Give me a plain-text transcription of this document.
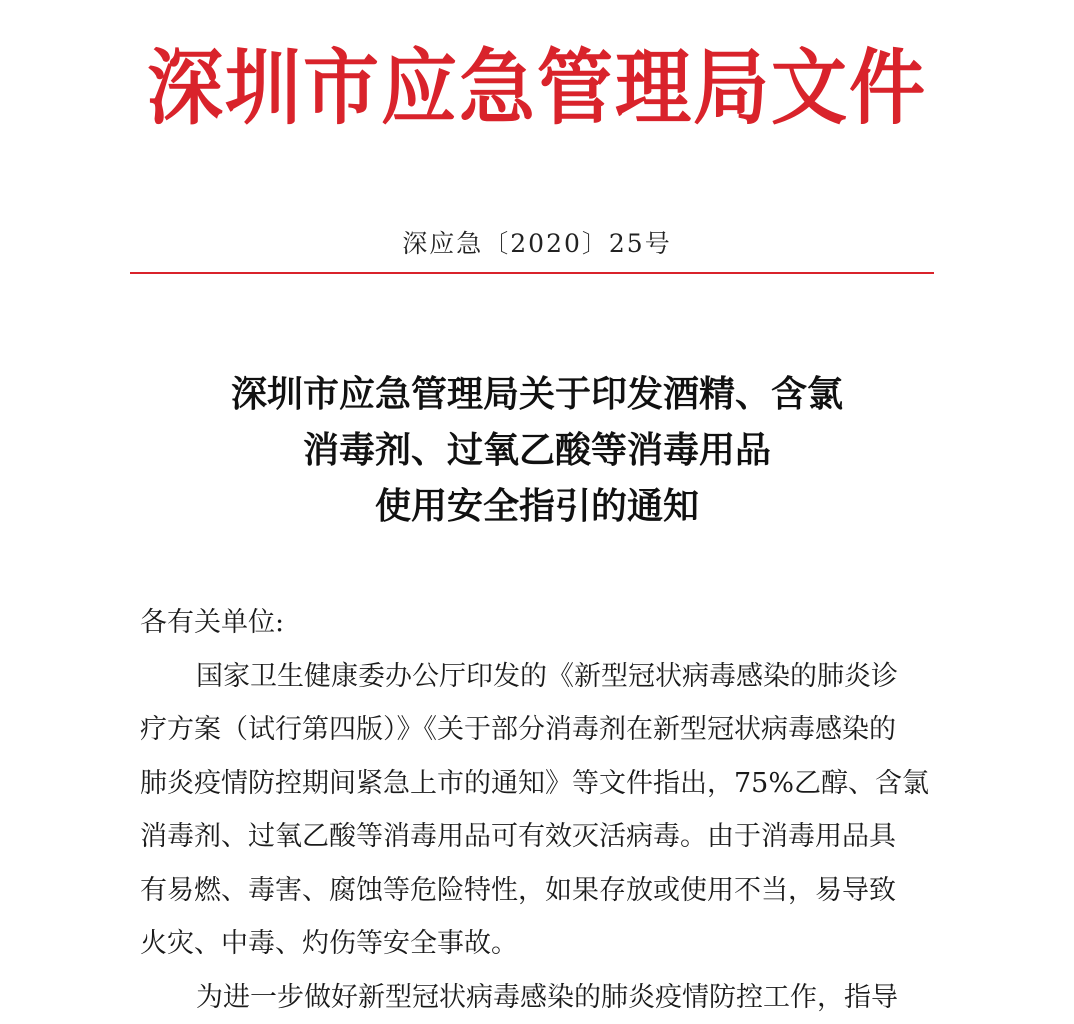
深圳市应急管理局文件
深应急〔2020〕25号
深圳市应急管理局关于印发酒精、含氯
消毒剂、过氧乙酸等消毒用品
使用安全指引的通知
各有关单位:
国家卫生健康委办公厅印发的《新型冠状病毒感染的肺炎诊
疗方案（试行第四版）》《关于部分消毒剂在新型冠状病毒感染的
肺炎疫情防控期间紧急上市的通知》等文件指出，75%乙醇、含氯
消毒剂、过氧乙酸等消毒用品可有效灭活病毒。由于消毒用品具
有易燃、毒害、腐蚀等危险特性，如果存放或使用不当，易导致
火灾、中毒、灼伤等安全事故。
为进一步做好新型冠状病毒感染的肺炎疫情防控工作，指导
